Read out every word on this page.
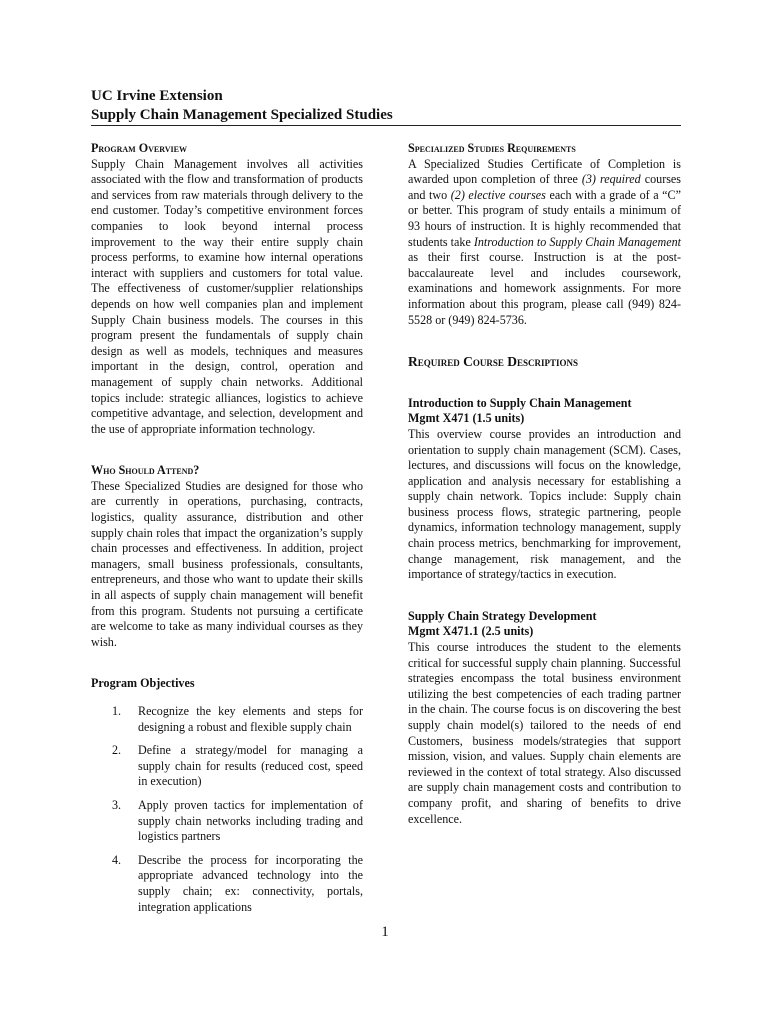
UC Irvine Extension
Supply Chain Management Specialized Studies
Program Overview

Supply Chain Management involves all activities associated with the flow and transformation of products and services from raw materials through delivery to the end customer. Today’s competitive environment forces companies to look beyond internal process improvement to the way their entire supply chain process performs, to examine how internal operations interact with suppliers and customers for total value. The effectiveness of customer/supplier relationships depends on how well companies plan and implement Supply Chain business models. The courses in this program present the fundamentals of supply chain design as well as models, techniques and measures important in the design, control, operation and management of supply chain networks. Additional topics include: strategic alliances, logistics to achieve competitive advantage, and selection, development and the use of appropriate information technology.

Who Should Attend?

These Specialized Studies are designed for those who are currently in operations, purchasing, contracts, logistics, quality assurance, distribution and other supply chain roles that impact the organization’s supply chain processes and effectiveness. In addition, project managers, small business professionals, consultants, entrepreneurs, and those who want to update their skills in all aspects of supply chain management will benefit from this program. Students not pursuing a certificate are welcome to take as many individual courses as they wish.

Program Objectives
1.	Recognize the key elements and steps for designing a robust and flexible supply chain
2.	Define a strategy/model for managing a supply chain for results (reduced cost, speed in execution)
3.	Apply proven tactics for implementation of supply chain networks including trading and logistics partners
4.	Describe the process for incorporating the appropriate advanced technology into the supply chain; ex: connectivity, portals, integration applications
Specialized Studies Requirements

A Specialized Studies Certificate of Completion is awarded upon completion of three (3) required courses and two (2) elective courses each with a grade of a “C” or better. This program of study entails a minimum of 93 hours of instruction. It is highly recommended that students take Introduction to Supply Chain Management as their first course. Instruction is at the post-baccalaureate level and includes coursework, examinations and homework assignments. For more information about this program, please call (949) 824-5528 or (949) 824-5736.

Required Course Descriptions
Introduction to Supply Chain Management
Mgmt X471 (1.5 units)

This overview course provides an introduction and orientation to supply chain management (SCM). Cases, lectures, and discussions will focus on the knowledge, application and analysis necessary for establishing a supply chain network. Topics include: Supply chain business process flows, strategic partnering, people dynamics, information technology management, supply chain process metrics, benchmarking for improvement, change management, risk management, and the importance of strategy/tactics in execution.

Supply Chain Strategy Development
Mgmt X471.1 (2.5 units)

This course introduces the student to the elements critical for successful supply chain planning. Successful strategies encompass the total business environment utilizing the best competencies of each trading partner in the chain. The course focus is on discovering the best supply chain model(s) tailored to the needs of end Customers, business models/strategies that support mission, vision, and values. Supply chain elements are reviewed in the context of total strategy. Also discussed are supply chain management costs and contribution to company profit, and sharing of benefits to drive excellence.

1
